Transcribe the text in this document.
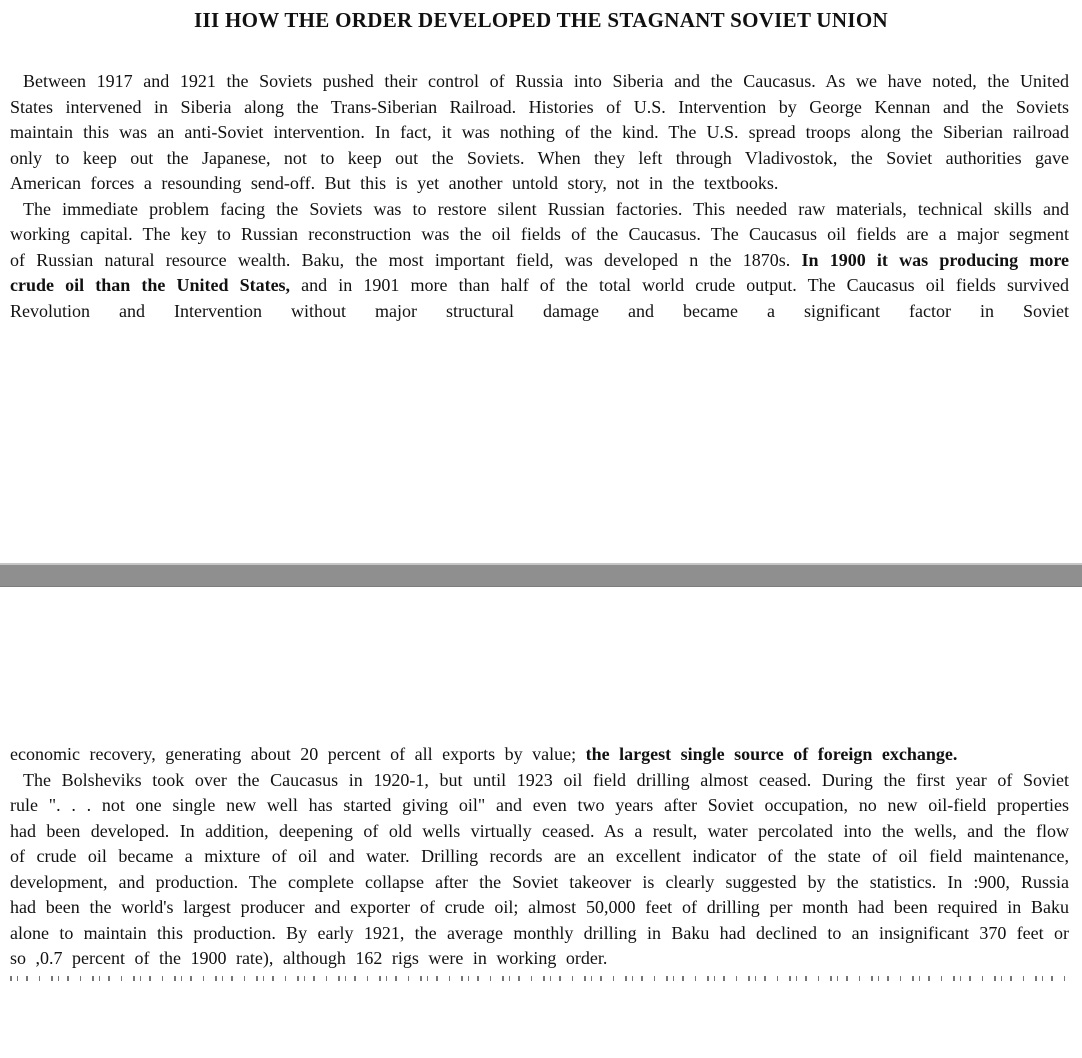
III HOW THE ORDER DEVELOPED THE STAGNANT SOVIET UNION

Between 1917 and 1921 the Soviets pushed their control of Russia into Siberia and the Caucasus. As we have noted, the United States intervened in Siberia along the Trans-Siberian Railroad. Histories of U.S. Intervention by George Kennan and the Soviets maintain this was an anti-Soviet intervention. In fact, it was nothing of the kind. The U.S. spread troops along the Siberian railroad only to keep out the Japanese, not to keep out the Soviets. When they left through Vladivostok, the Soviet authorities gave American forces a resounding send-off. But this is yet another untold story, not in the textbooks.

The immediate problem facing the Soviets was to restore silent Russian factories. This needed raw materials, technical skills and working capital. The key to Russian reconstruction was the oil fields of the Caucasus. The Caucasus oil fields are a major segment of Russian natural resource wealth. Baku, the most important field, was developed n the 1870s. In 1900 it was producing more crude oil than the United States, and in 1901 more than half of the total world crude output. The Caucasus oil fields survived Revolution and Intervention without major structural damage and became a significant factor in Soviet

economic recovery, generating about 20 percent of all exports by value; the largest single source of foreign exchange.

The Bolsheviks took over the Caucasus in 1920-1, but until 1923 oil field drilling almost ceased. During the first year of Soviet rule ". . . not one single new well has started giving oil" and even two years after Soviet occupation, no new oil-field properties had been developed. In addition, deepening of old wells virtually ceased. As a result, water percolated into the wells, and the flow of crude oil became a mixture of oil and water. Drilling records are an excellent indicator of the state of oil field maintenance, development, and production. The complete collapse after the Soviet takeover is clearly suggested by the statistics. In :900, Russia had been the world's largest producer and exporter of crude oil; almost 50,000 feet of drilling per month had been required in Baku alone to maintain this production. By early 1921, the average monthly drilling in Baku had declined to an insignificant 370 feet or so ,0.7 percent of the 1900 rate), although 162 rigs were in working order.
